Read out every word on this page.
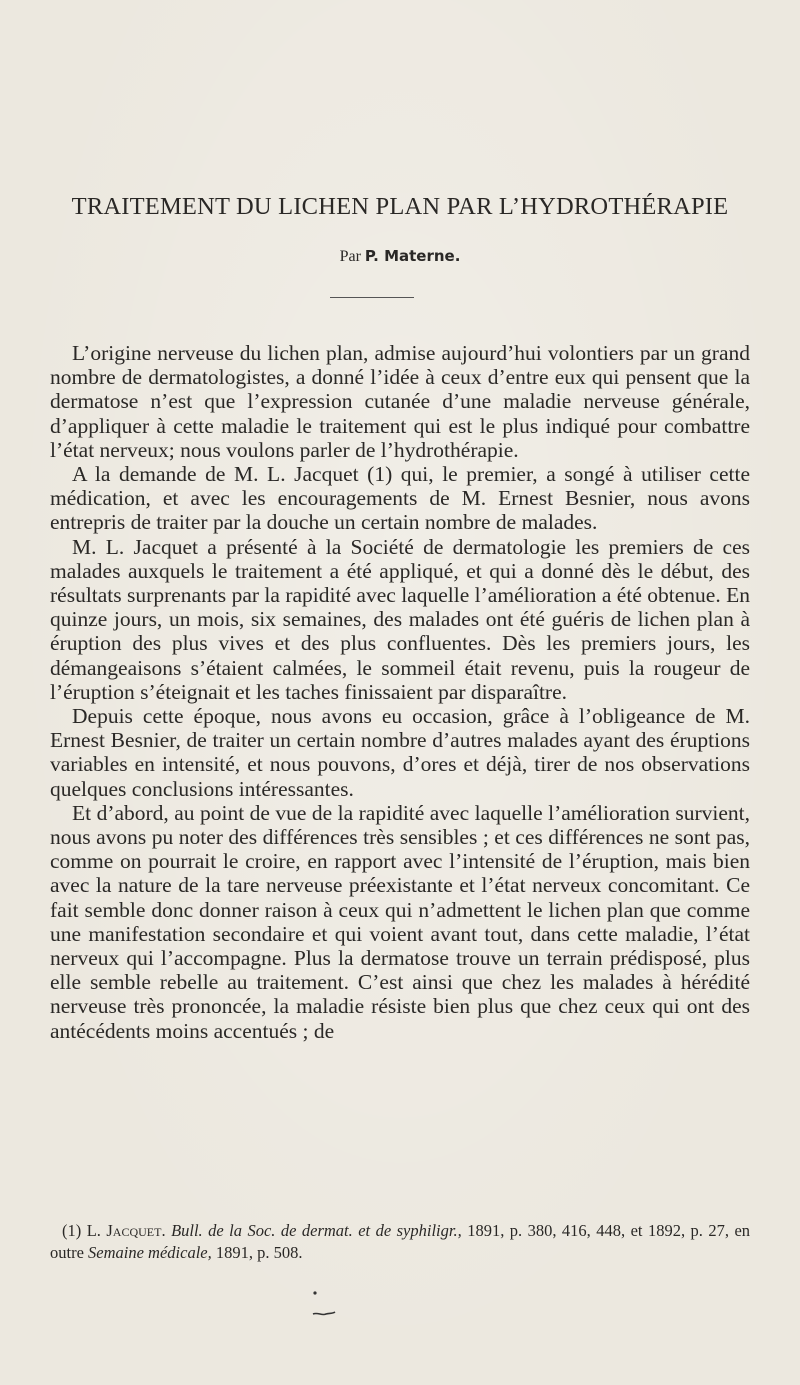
TRAITEMENT DU LICHEN PLAN PAR L’HYDROTHÉRAPIE
Par P. Materne.

L’origine nerveuse du lichen plan, admise aujourd’hui volontiers par un grand nombre de dermatologistes, a donné l’idée à ceux d’entre eux qui pensent que la dermatose n’est que l’expression cutanée d’une maladie nerveuse générale, d’appliquer à cette maladie le traitement qui est le plus indiqué pour combattre l’état nerveux; nous voulons parler de l’hydrothérapie.

A la demande de M. L. Jacquet (1) qui, le premier, a songé à utiliser cette médication, et avec les encouragements de M. Ernest Besnier, nous avons entrepris de traiter par la douche un certain nombre de malades.

M. L. Jacquet a présenté à la Société de dermatologie les premiers de ces malades auxquels le traitement a été appliqué, et qui a donné dès le début, des résultats surprenants par la rapidité avec laquelle l’amélioration a été obtenue. En quinze jours, un mois, six semaines, des malades ont été guéris de lichen plan à éruption des plus vives et des plus confluentes. Dès les premiers jours, les démangeaisons s’étaient calmées, le sommeil était revenu, puis la rougeur de l’éruption s’éteignait et les taches finissaient par disparaître.

Depuis cette époque, nous avons eu occasion, grâce à l’obligeance de M. Ernest Besnier, de traiter un certain nombre d’autres malades ayant des éruptions variables en intensité, et nous pouvons, d’ores et déjà, tirer de nos observations quelques conclusions intéressantes.

Et d’abord, au point de vue de la rapidité avec laquelle l’amélioration survient, nous avons pu noter des différences très sensibles ; et ces différences ne sont pas, comme on pourrait le croire, en rapport avec l’intensité de l’éruption, mais bien avec la nature de la tare nerveuse préexistante et l’état nerveux concomitant. Ce fait semble donc donner raison à ceux qui n’admettent le lichen plan que comme une manifestation secondaire et qui voient avant tout, dans cette maladie, l’état nerveux qui l’accompagne. Plus la dermatose trouve un terrain prédisposé, plus elle semble rebelle au traitement. C’est ainsi que chez les malades à hérédité nerveuse très prononcée, la maladie résiste bien plus que chez ceux qui ont des antécédents moins accentués ; de

(1) L. Jacquet. Bull. de la Soc. de dermat. et de syphiligr., 1891, p. 380, 416, 448, et 1892, p. 27, en outre Semaine médicale, 1891, p. 508.
